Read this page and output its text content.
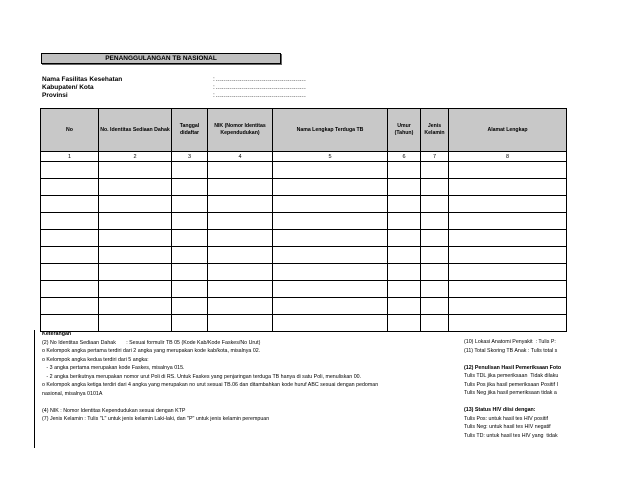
PENANGGULANGAN TB NASIONAL
Nama Fasilitas Kesehatan	: ………………………………………
Kabupaten/ Kota	: ………………………………………
Provinsi	: ………………………………………
No	No. Identitas Sediaan Dahak	Tanggal didaftar	NIK (Nomor Identitas Kependudukan)	Nama Lengkap Terduga TB	Umur (Tahun)	Jenis Kelamin	Alamat Lengkap
1	2	3	4	5	6	7	8

Keterangan
(2) No Identitas Sediaan Dahak       : Sesuai formulir TB 05 (Kode Kab/Kode Faskes/No Urut)
o Kelompok angka pertama terdiri dari 2 angka yang merupakan kode kab/kota, misalnya 02.
o Kelompok angka kedua terdiri dari 5 angka:
- 3 angka pertama merupakan kode Faskes, misalnya 015.
- 2 angka berikutnya merupakan nomor urut Poli di RS. Untuk Faskes yang penjaringan terduga TB hanya di satu Poli, menuliskan 00.
o Kelompok angka ketiga terdiri dari 4 angka yang merupakan no urut sesuai TB.06 dan ditambahkan kode huruf ABC sesuai dengan pedoman
nasional, misalnya 0101A
(4) NIK : Nomor Identitas Kependudukan sesuai dengan KTP
(7) Jenis Kelamin : Tulis "L" untuk jenis kelamin Laki-laki, dan "P" untuk jenis kelamin perempuan
(10) Lokasi Anatomi Penyakit  : Tulis P:
(11) Total Skoring TB Anak : Tulis total s
(12) Penulisan Hasil Pemeriksaan Foto
Tulis TDL jika pemeriksaan  Tidak dilaku
Tulis Pos jika hasil pemeriksaan Positif I
Tulis Neg jika hasil pemeriksaan tidak a
(13) Status HIV diisi dengan:
Tulis Pos: untuk hasil tes HIV positif
Tulis Neg: untuk hasil tes HIV negatif
Tulis TD: untuk hasil tes HIV yang  tidak
